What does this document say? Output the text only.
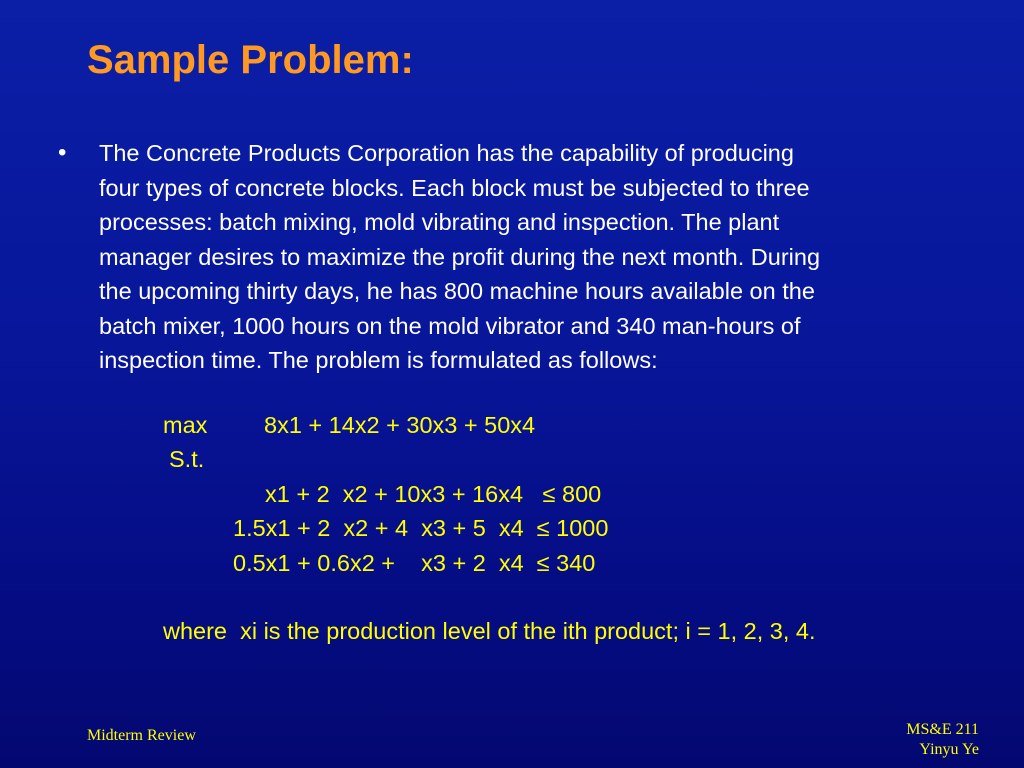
Sample Problem:
• The Concrete Products Corporation has the capability of producing
four types of concrete blocks. Each block must be subjected to three
processes: batch mixing, mold vibrating and inspection. The plant
manager desires to maximize the profit during the next month. During
the upcoming thirty days, he has 800 machine hours available on the
batch mixer, 1000 hours on the mold vibrator and 340 man-hours of
inspection time. The problem is formulated as follows:
max 8x1 + 14x2 + 30x3 + 50x4
S.t.
x1 + 2  x2 + 10x3 + 16x4   ≤ 800
1.5x1 + 2  x2 + 4  x3 + 5  x4  ≤ 1000
0.5x1 + 0.6x2 +    x3 + 2  x4  ≤ 340
where  xi is the production level of the ith product; i = 1, 2, 3, 4.
Midterm Review	MS&E 211
Yinyu Ye
